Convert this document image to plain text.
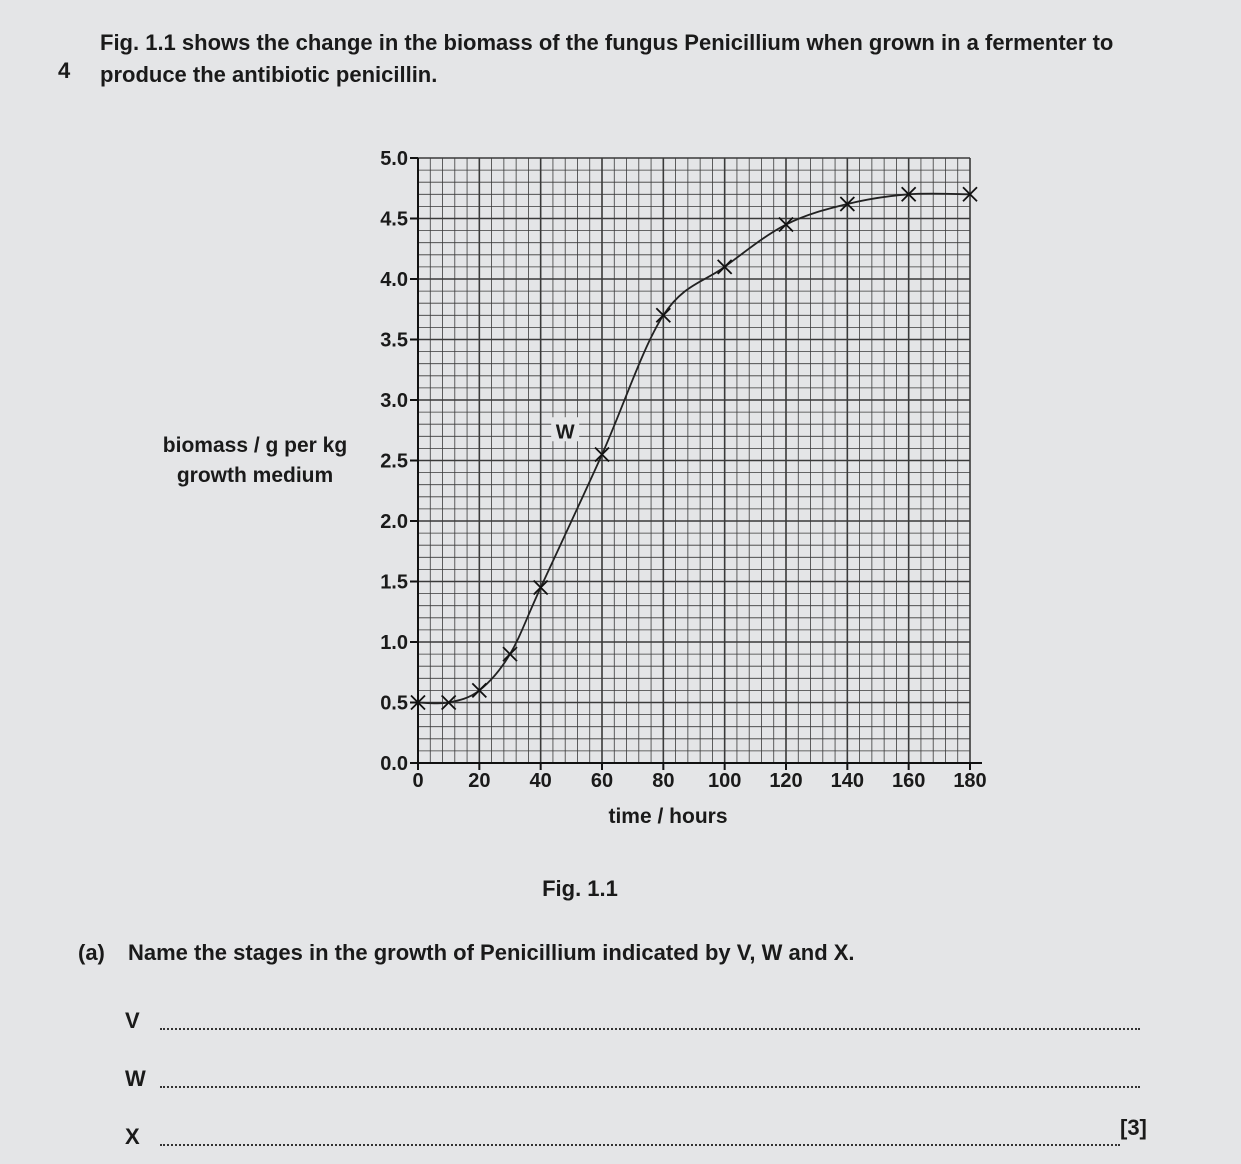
4
Fig. 1.1 shows the change in the biomass of the fungus Penicillium when grown in a fermenter to
produce the antibiotic penicillin.
biomass / g per kg
growth medium
0 20 40 60 80 100 120 140 160 180
0.0
0.5
1.0
1.5
2.0
2.5
3.0
3.5
4.0
4.5
5.0
W
time / hours
Fig. 1.1
(a) Name the stages in the growth of Penicillium indicated by V, W and X.
V
W
X	[3]
